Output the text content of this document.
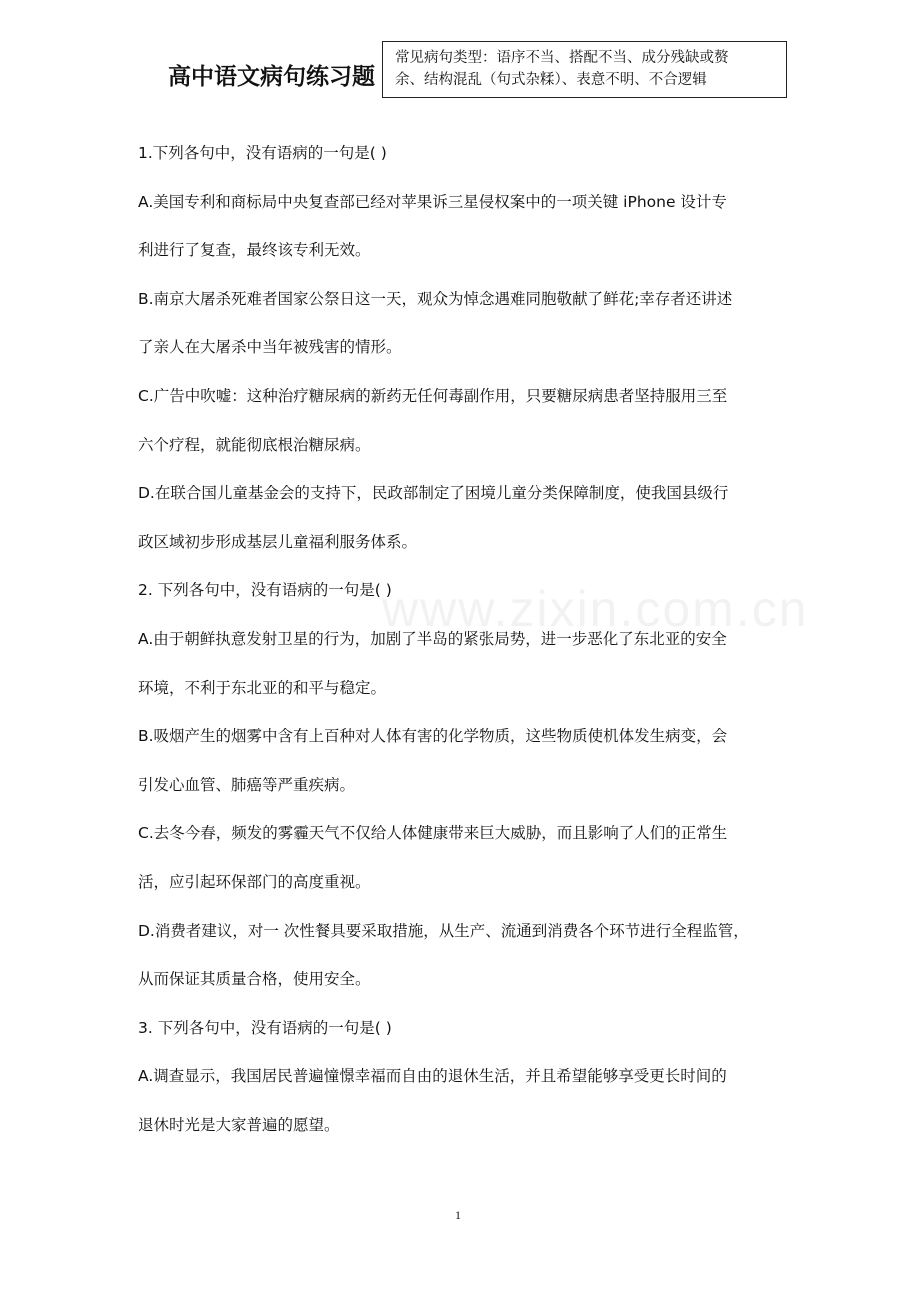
高中语文病句练习题
常见病句类型：语序不当、搭配不当、成分残缺或赘
余、结构混乱（句式杂糅）、表意不明、不合逻辑
www.zixin.com.cn
1.下列各句中，没有语病的一句是( )
A.美国专利和商标局中央复查部已经对苹果诉三星侵权案中的一项关键 iPhone 设计专
利进行了复查，最终该专利无效。
B.南京大屠杀死难者国家公祭日这一天，观众为悼念遇难同胞敬献了鲜花;幸存者还讲述
了亲人在大屠杀中当年被残害的情形。
C.广告中吹嘘：这种治疗糖尿病的新药无任何毒副作用，只要糖尿病患者坚持服用三至
六个疗程，就能彻底根治糖尿病。
D.在联合国儿童基金会的支持下，民政部制定了困境儿童分类保障制度，使我国县级行
政区域初步形成基层儿童福利服务体系。
2. 下列各句中，没有语病的一句是( )
A.由于朝鲜执意发射卫星的行为，加剧了半岛的紧张局势，进一步恶化了东北亚的安全
环境，不利于东北亚的和平与稳定。
B.吸烟产生的烟雾中含有上百种对人体有害的化学物质，这些物质使机体发生病变，会
引发心血管、肺癌等严重疾病。
C.去冬今春，频发的雾霾天气不仅给人体健康带来巨大威胁，而且影响了人们的正常生
活，应引起环保部门的高度重视。
D.消费者建议，对一 次性餐具要采取措施，从生产、流通到消费各个环节进行全程监管，
从而保证其质量合格，使用安全。
3. 下列各句中，没有语病的一句是( )
A.调查显示，我国居民普遍憧憬幸福而自由的退休生活，并且希望能够享受更长时间的
退休时光是大家普遍的愿望。
1
